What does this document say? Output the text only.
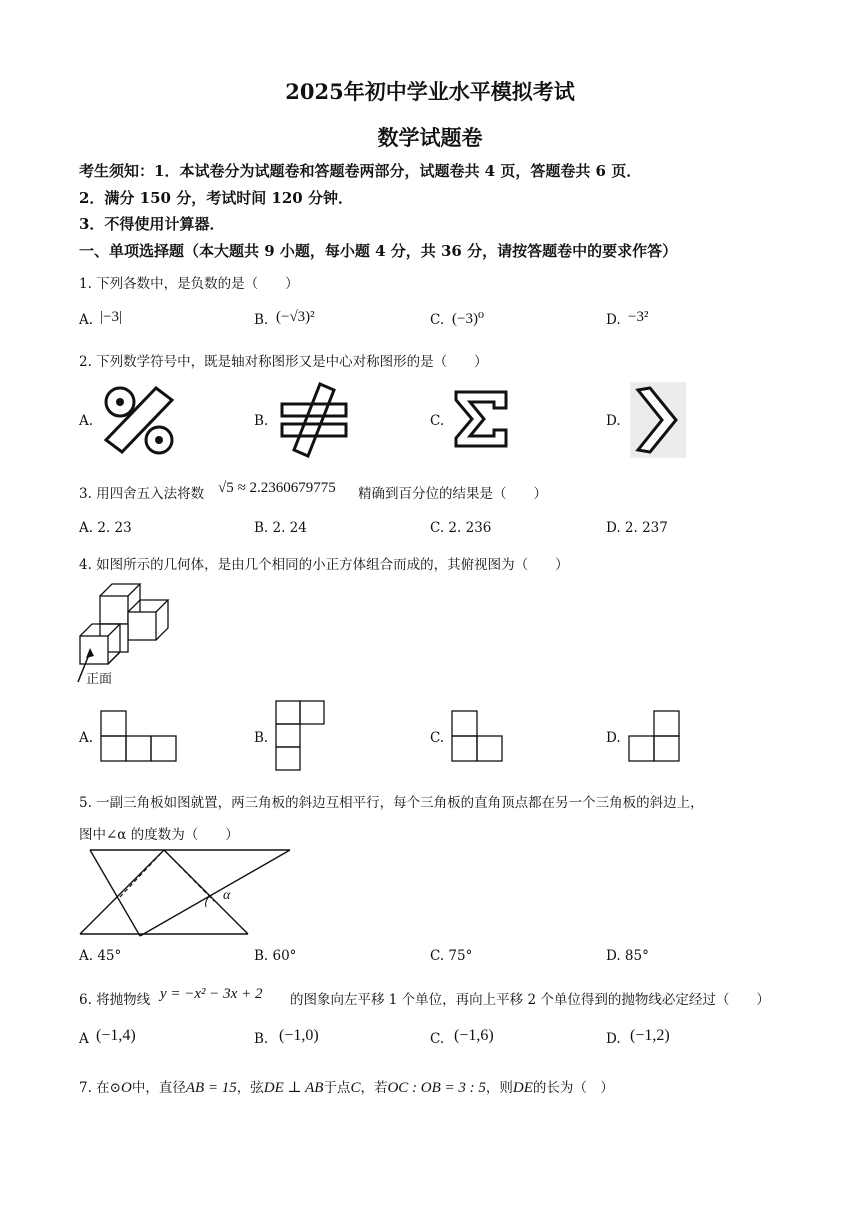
2025年初中学业水平模拟考试
数学试题卷
考生须知：1．本试卷分为试题卷和答题卷两部分，试题卷共 4 页，答题卷共 6 页．
2．满分 150 分，考试时间 120 分钟．
3．不得使用计算器．
一、单项选择题（本大题共 9 小题，每小题 4 分，共 36 分，请按答题卷中的要求作答）
1. 下列各数中，是负数的是（　　）
A. |−3|	B. (−√3)²	C. (−3)⁰	D. −3²
2. 下列数学符号中，既是轴对称图形又是中心对称图形的是（　　）
A.	B.	C.	D.
3. 用四舍五入法将数 √5 ≈ 2.2360679775 精确到百分位的结果是（　　）
A. 2. 23	B. 2. 24	C. 2. 236	D. 2. 237
4. 如图所示的几何体，是由几个相同的小正方体组合而成的，其俯视图为（　　）
正面
A.	B.	C.	D.
5. 一副三角板如图就置，两三角板的斜边互相平行，每个三角板的直角顶点都在另一个三角板的斜边上，
图中∠α 的度数为（　　）
α
A. 45°	B. 60°	C. 75°	D. 85°
6. 将抛物线 y = −x² − 3x + 2 的图象向左平移 1 个单位，再向上平移 2 个单位得到的抛物线必定经过（　　）
A (−1,4)	B. (−1,0)	C. (−1,6)	D. (−1,2)
7. 在⊙O中，直径AB = 15，弦DE ⊥ AB于点C，若OC : OB = 3 : 5，则DE的长为（　）
